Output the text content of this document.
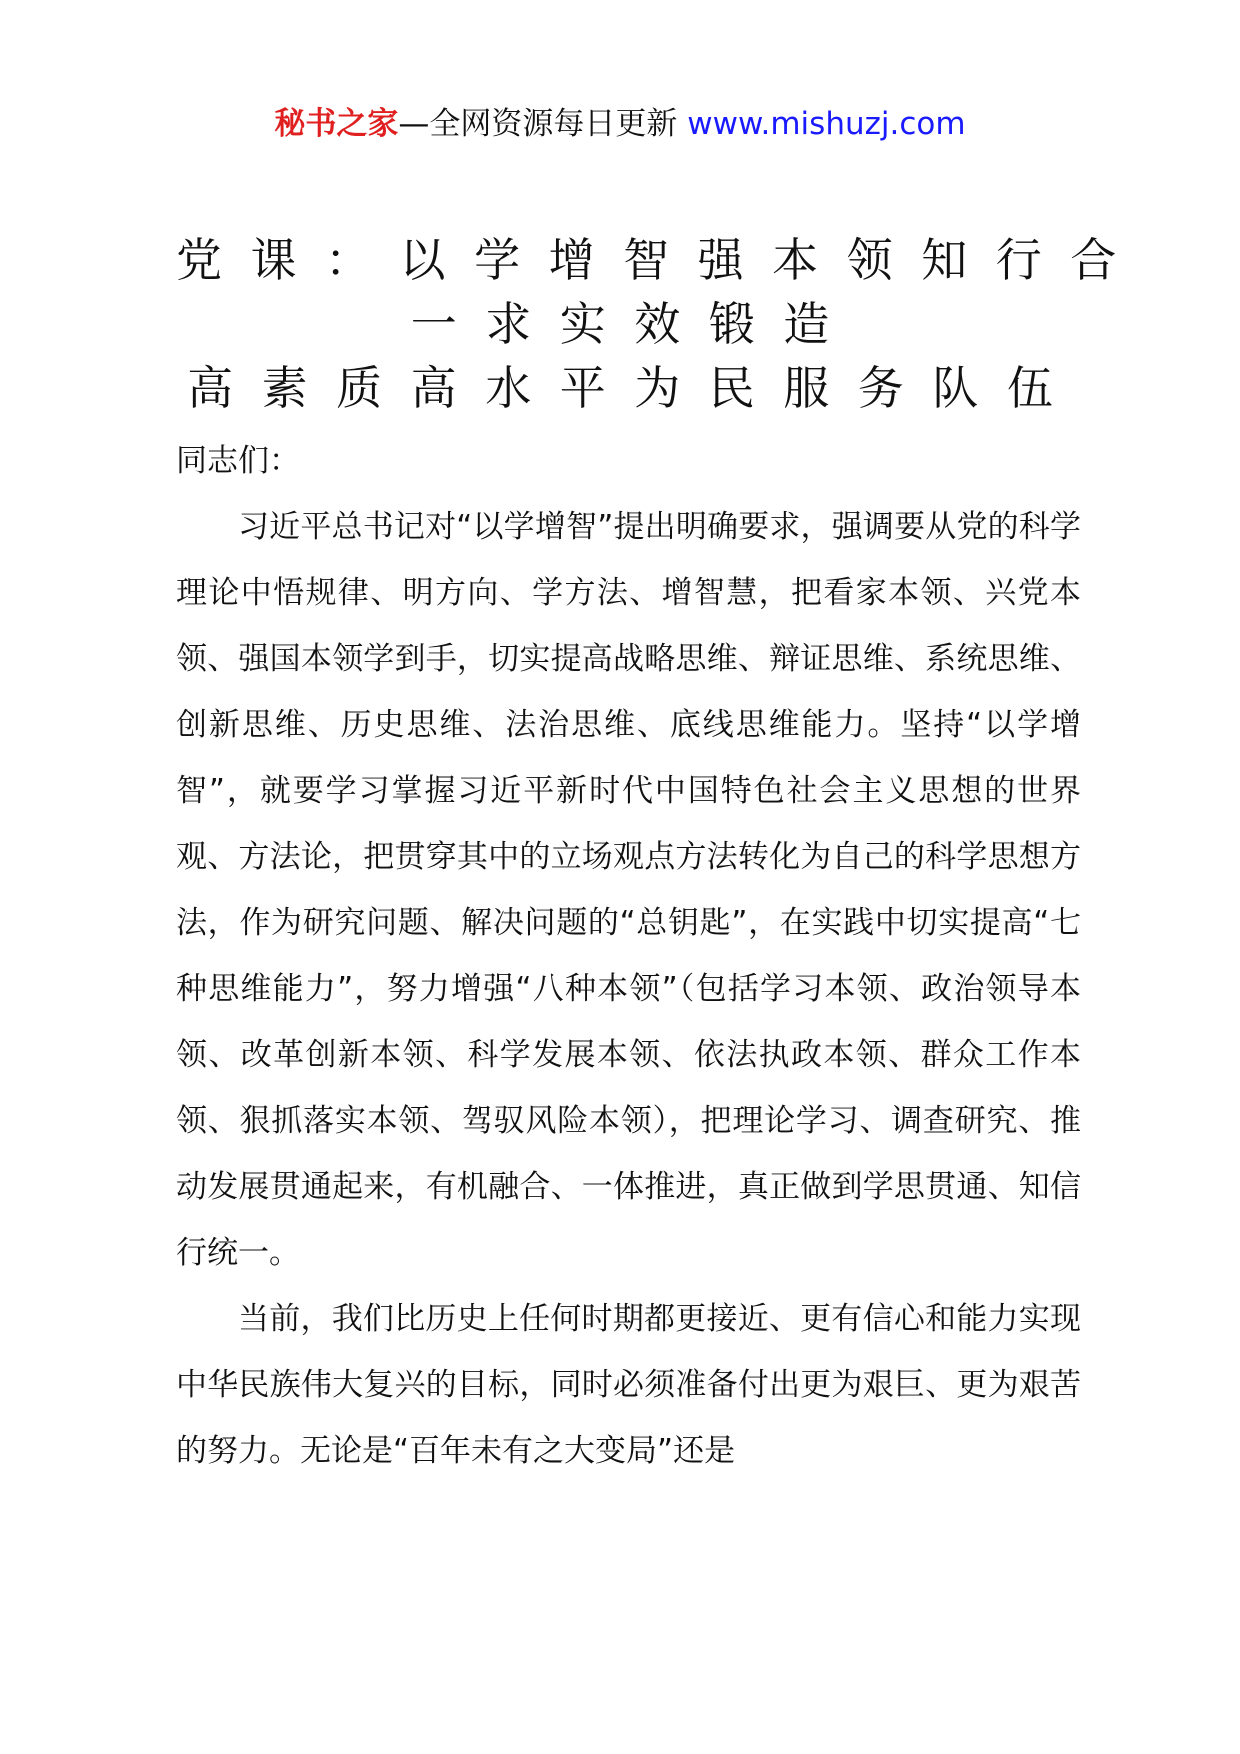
秘书之家—全网资源每日更新 www.mishuzj.com
党课：以学增智强本领知行合
一求实效锻造
高素质高水平为民服务队伍

同志们：

习近平总书记对“以学增智”提出明确要求，强调要从党的科学理论中悟规律、明方向、学方法、增智慧，把看家本领、兴党本领、强国本领学到手，切实提高战略思维、辩证思维、系统思维、创新思维、历史思维、法治思维、底线思维能力。坚持“以学增智”，就要学习掌握习近平新时代中国特色社会主义思想的世界观、方法论，把贯穿其中的立场观点方法转化为自己的科学思想方法，作为研究问题、解决问题的“总钥匙”，在实践中切实提高“七种思维能力”，努力增强“八种本领”（包括学习本领、政治领导本领、改革创新本领、科学发展本领、依法执政本领、群众工作本领、狠抓落实本领、驾驭风险本领），把理论学习、调查研究、推动发展贯通起来，有机融合、一体推进，真正做到学思贯通、知信行统一。

当前，我们比历史上任何时期都更接近、更有信心和能力实现中华民族伟大复兴的目标，同时必须准备付出更为艰巨、更为艰苦的努力。无论是“百年未有之大变局”还是
